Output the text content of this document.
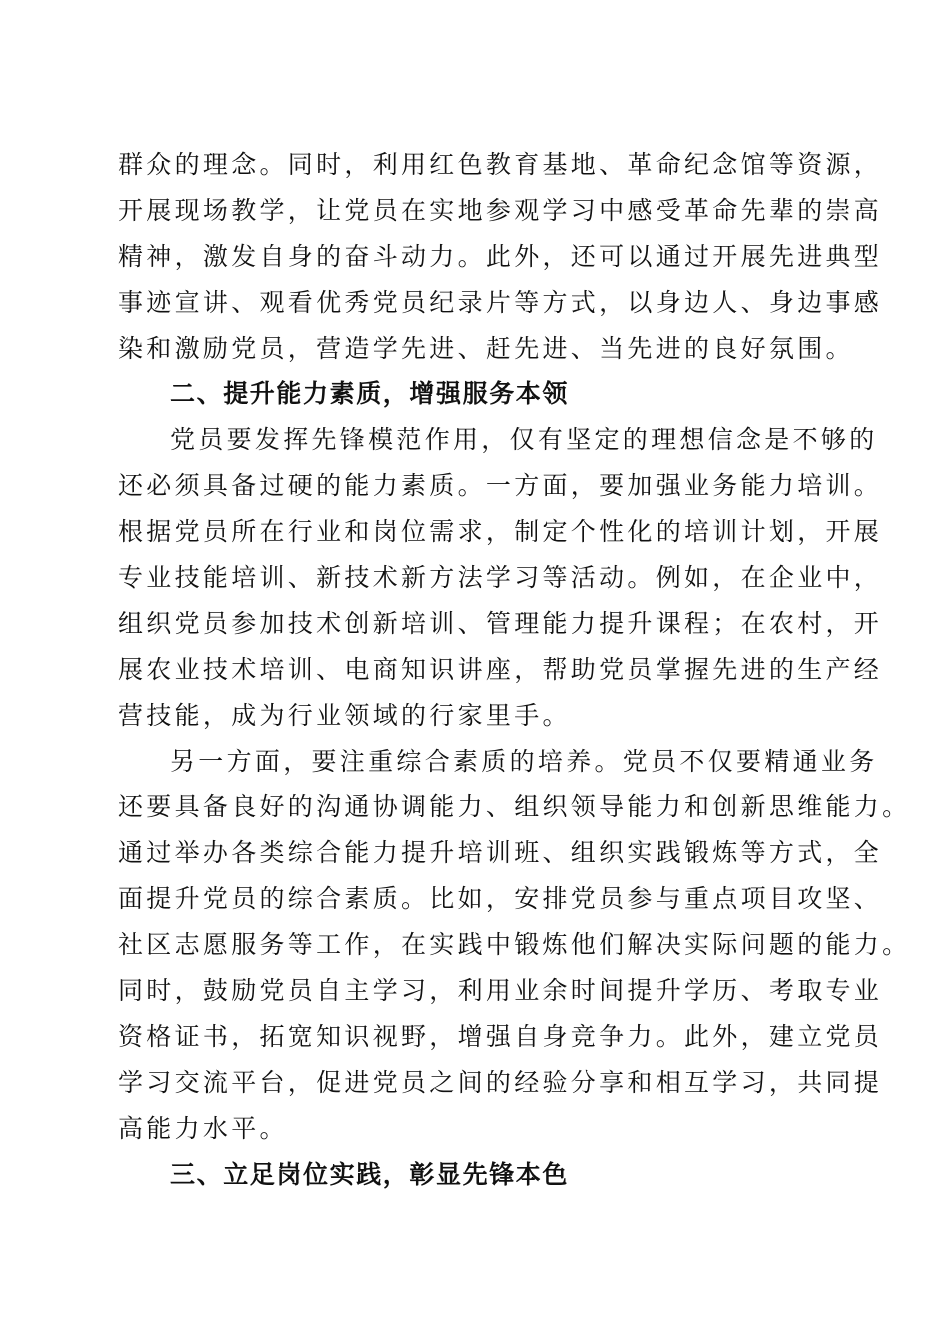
群众的理念。同时，利用红色教育基地、革命纪念馆等资源，
开展现场教学，让党员在实地参观学习中感受革命先辈的崇高
精神，激发自身的奋斗动力。此外，还可以通过开展先进典型
事迹宣讲、观看优秀党员纪录片等方式，以身边人、身边事感
染和激励党员，营造学先进、赶先进、当先进的良好氛围。
二、提升能力素质，增强服务本领
党员要发挥先锋模范作用，仅有坚定的理想信念是不够的
还必须具备过硬的能力素质。一方面，要加强业务能力培训。
根据党员所在行业和岗位需求，制定个性化的培训计划，开展
专业技能培训、新技术新方法学习等活动。例如，在企业中，
组织党员参加技术创新培训、管理能力提升课程；在农村，开
展农业技术培训、电商知识讲座，帮助党员掌握先进的生产经
营技能，成为行业领域的行家里手。
另一方面，要注重综合素质的培养。党员不仅要精通业务
还要具备良好的沟通协调能力、组织领导能力和创新思维能力。
通过举办各类综合能力提升培训班、组织实践锻炼等方式，全
面提升党员的综合素质。比如，安排党员参与重点项目攻坚、
社区志愿服务等工作，在实践中锻炼他们解决实际问题的能力。
同时，鼓励党员自主学习，利用业余时间提升学历、考取专业
资格证书，拓宽知识视野，增强自身竞争力。此外，建立党员
学习交流平台，促进党员之间的经验分享和相互学习，共同提
高能力水平。
三、立足岗位实践，彰显先锋本色
